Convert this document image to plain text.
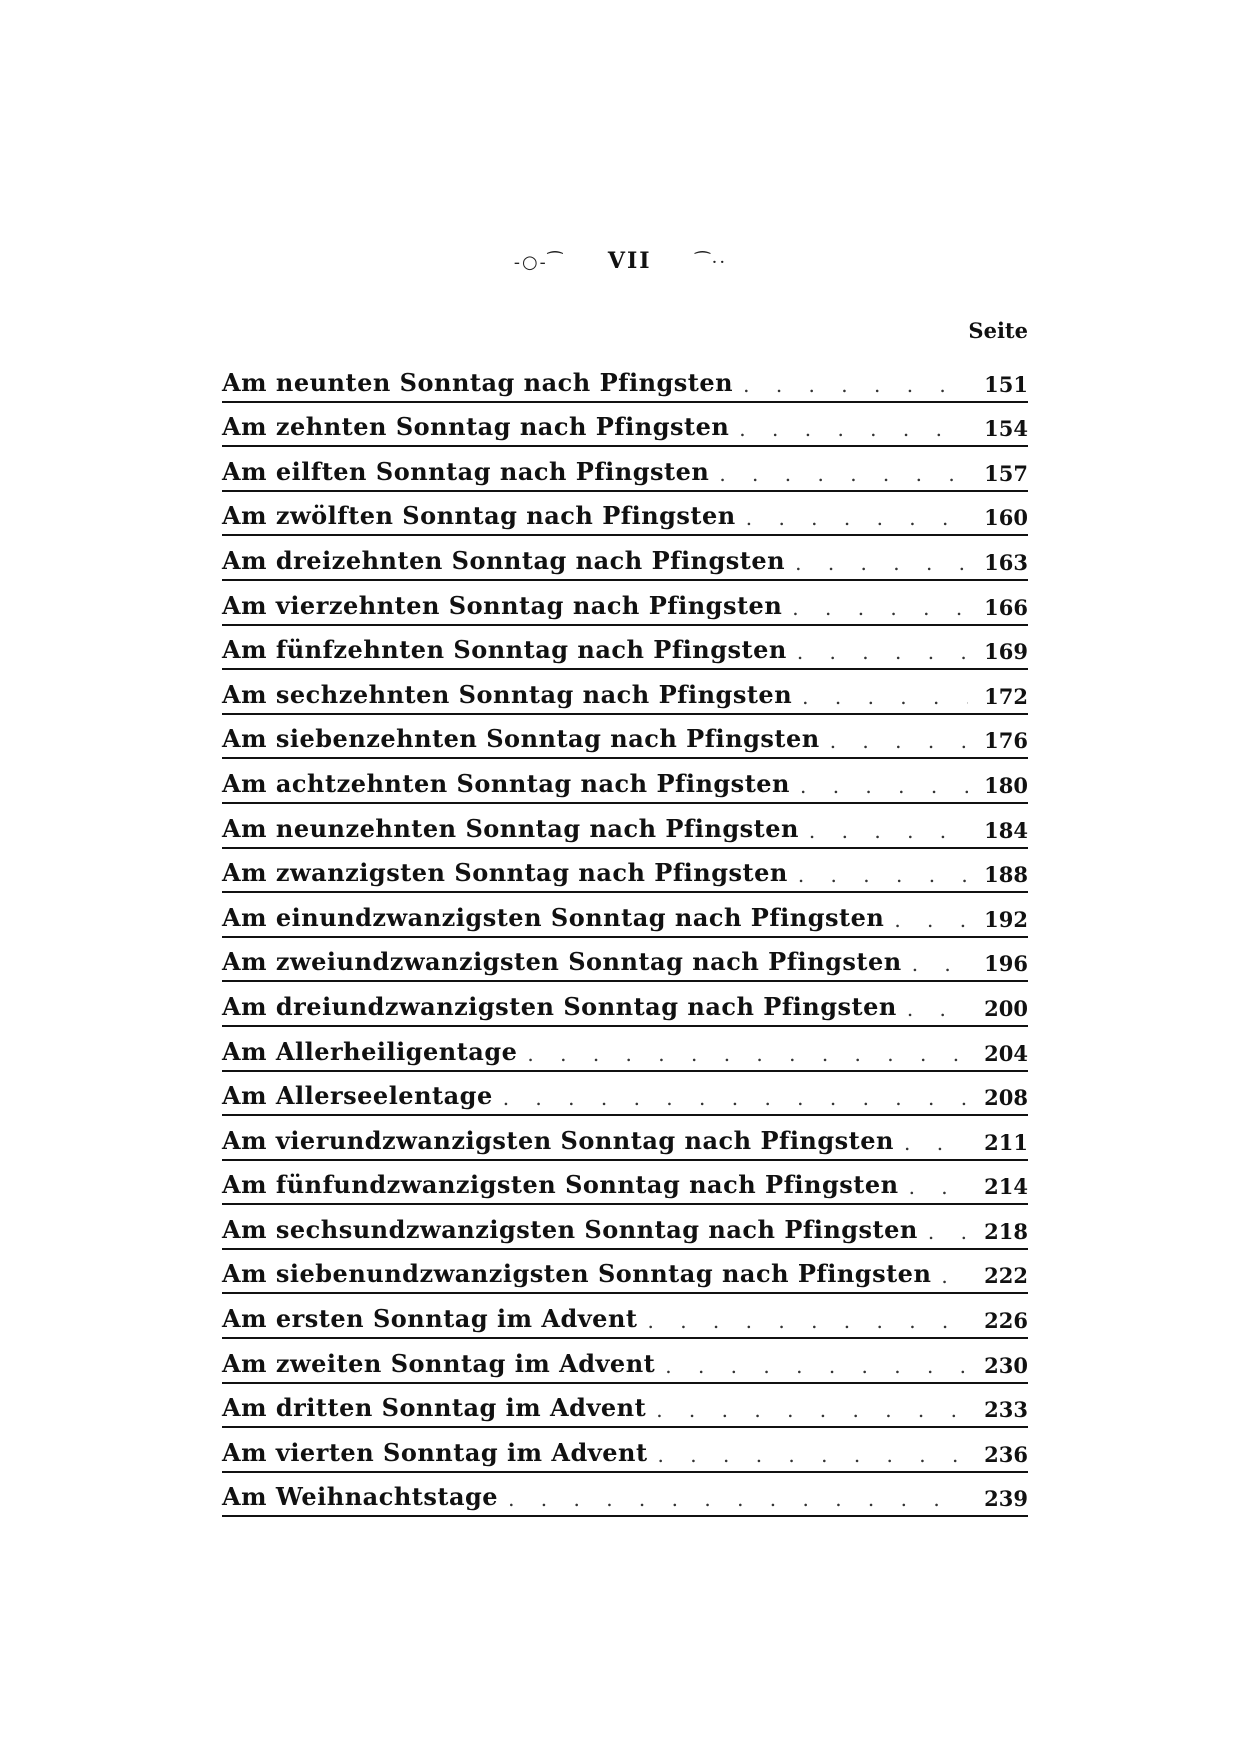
-○-⁀ VII ⁀··
Seite
Am neunten Sonntag nach Pfingsten . . .	151
Am zehnten Sonntag nach Pfingsten . . .	154
Am eilften Sonntag nach Pfingsten . . .	157
Am zwölften Sonntag nach Pfingsten . . .	160
Am dreizehnten Sonntag nach Pfingsten . . .	163
Am vierzehnten Sonntag nach Pfingsten . . .	166
Am fünfzehnten Sonntag nach Pfingsten . . .	169
Am sechzehnten Sonntag nach Pfingsten . . .	172
Am siebenzehnten Sonntag nach Pfingsten . . .	176
Am achtzehnten Sonntag nach Pfingsten . . .	180
Am neunzehnten Sonntag nach Pfingsten . . .	184
Am zwanzigsten Sonntag nach Pfingsten . . .	188
Am einundzwanzigsten Sonntag nach Pfingsten . . .	192
Am zweiundzwanzigsten Sonntag nach Pfingsten . . .	196
Am dreiundzwanzigsten Sonntag nach Pfingsten . . .	200
Am Allerheiligentage . . .	204
Am Allerseelentage . . .	208
Am vierundzwanzigsten Sonntag nach Pfingsten . . .	211
Am fünfundzwanzigsten Sonntag nach Pfingsten . . .	214
Am sechsundzwanzigsten Sonntag nach Pfingsten . . .	218
Am siebenundzwanzigsten Sonntag nach Pfingsten . . .	222
Am ersten Sonntag im Advent . . .	226
Am zweiten Sonntag im Advent . . .	230
Am dritten Sonntag im Advent . . .	233
Am vierten Sonntag im Advent . . .	236
Am Weihnachtstage . . .	239
